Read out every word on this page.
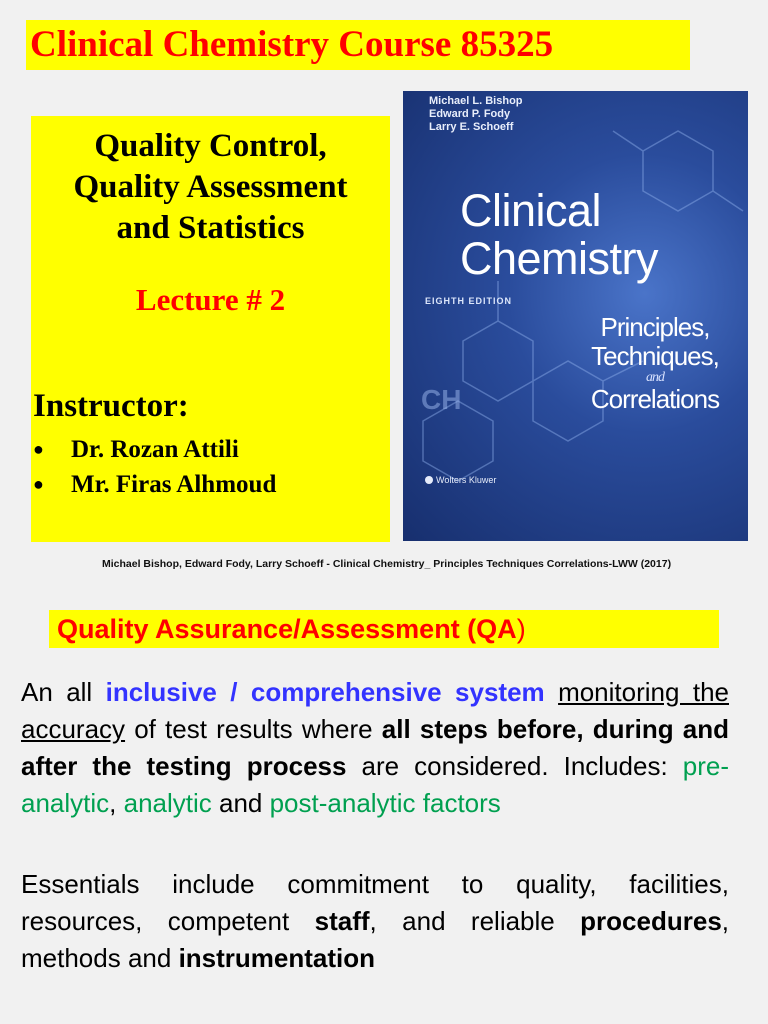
Clinical Chemistry Course 85325
Quality Control,
Quality Assessment
and Statistics
Lecture # 2
Instructor:
● Dr. Rozan Attili
● Mr. Firas Alhmoud
CH
Michael L. Bishop
Edward P. Fody
Larry E. Schoeff
Clinical
Chemistry
EIGHTH EDITION
Principles,
Techniques,
and
Correlations
Wolters Kluwer
Michael Bishop, Edward Fody, Larry Schoeff - Clinical Chemistry_ Principles Techniques Correlations-LWW (2017)
Quality Assurance/Assessment (QA)
An all inclusive / comprehensive system monitoring the accuracy of test results where all steps before, during and after the testing process are considered. Includes: pre-analytic, analytic and post-analytic factors
Essentials include commitment to quality, facilities, resources, competent staff, and reliable procedures, methods and instrumentation
